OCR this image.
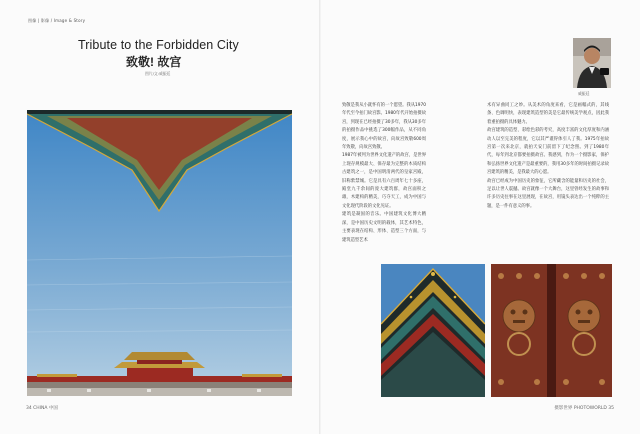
图像 | 影像 / Image & Story
Tribute to the Forbidden City
致敬! 故宫
图片/文:威振廷
威振廷

致敬是我从小就怀有的一个愿望。我从1970年代至今拍门故宫影。1980年代开始拍摄故宫，到现在已经拍摄了30多年，我从30多年的拍摄作品中挑选了300幅作品，从不同角度，展示我心中的故宫，向故宫致敬600周年致敬，向故宫致敬。

1987年被列为世界文化遗产的故宫，是世界上现存规模最大、保存最为完整的木质结构古建筑之一，是中国明清两代的皇家宫殿，旧称紫禁城。它是具有六百周年七十多座，殿堂九千余间的庞大建筑群，故宫面积之雄，木建构的精美，巧夺天工，成为中国与文化现代阶段的文化见证。

建筑是凝固的音乐。中国建筑文化博大精深，是中国历史文明的载体，其艺术特色，主要表现在结构、形体、造型三个方面，与建筑造型艺术

术有异曲同工之妙。从美术的角度来看，它是画幅式的，其线条、色调明快，表现建筑造型的美是它最传统美学观点，因此我着重拍摄的具体魅力。

故宫建筑的造型、彩绘色彩的考究，高度丰富的文化厚度和内涵动人以至完美的程度，它以其严谨得体引人了我。1975年拍故宫第一次来北京，就拍天安门前留下了纪念照。到了1980年代，每年到北京都要拍摄故宫。我感到，作为一个摄影家，保护和弘扬世界文化遗产是最重要的，我用30多年的时间拍摄记录故宫建筑的精美，是我最大的心愿。

故宫已经成为中国历史的象征，它所藏含的能量和历史的社会，足以让世人震撼。故宫就像一个大舞台，这里曾经发生的故事和许多历史往事在这里展现，在故宫，用镜头表达出一个纯粹的主题，是一件有意义的事。

34 CHINA 中国	摄影世界 PHOTOWORLD 35
